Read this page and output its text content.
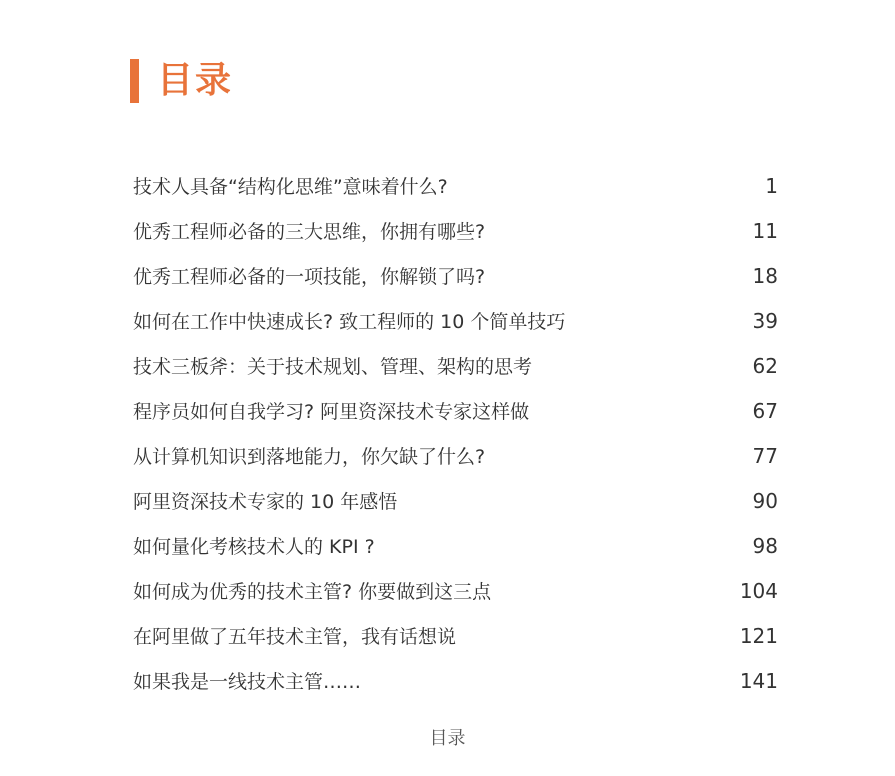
目录
技术人具备“结构化思维”意味着什么?	1
优秀工程师必备的三大思维，你拥有哪些?	11
优秀工程师必备的一项技能，你解锁了吗?	18
如何在工作中快速成长? 致工程师的 10 个简单技巧	39
技术三板斧：关于技术规划、管理、架构的思考	62
程序员如何自我学习? 阿里资深技术专家这样做	67
从计算机知识到落地能力，你欠缺了什么?	77
阿里资深技术专家的 10 年感悟	90
如何量化考核技术人的 KPI ?	98
如何成为优秀的技术主管? 你要做到这三点	104
在阿里做了五年技术主管，我有话想说	121
如果我是一线技术主管……	141
目录
